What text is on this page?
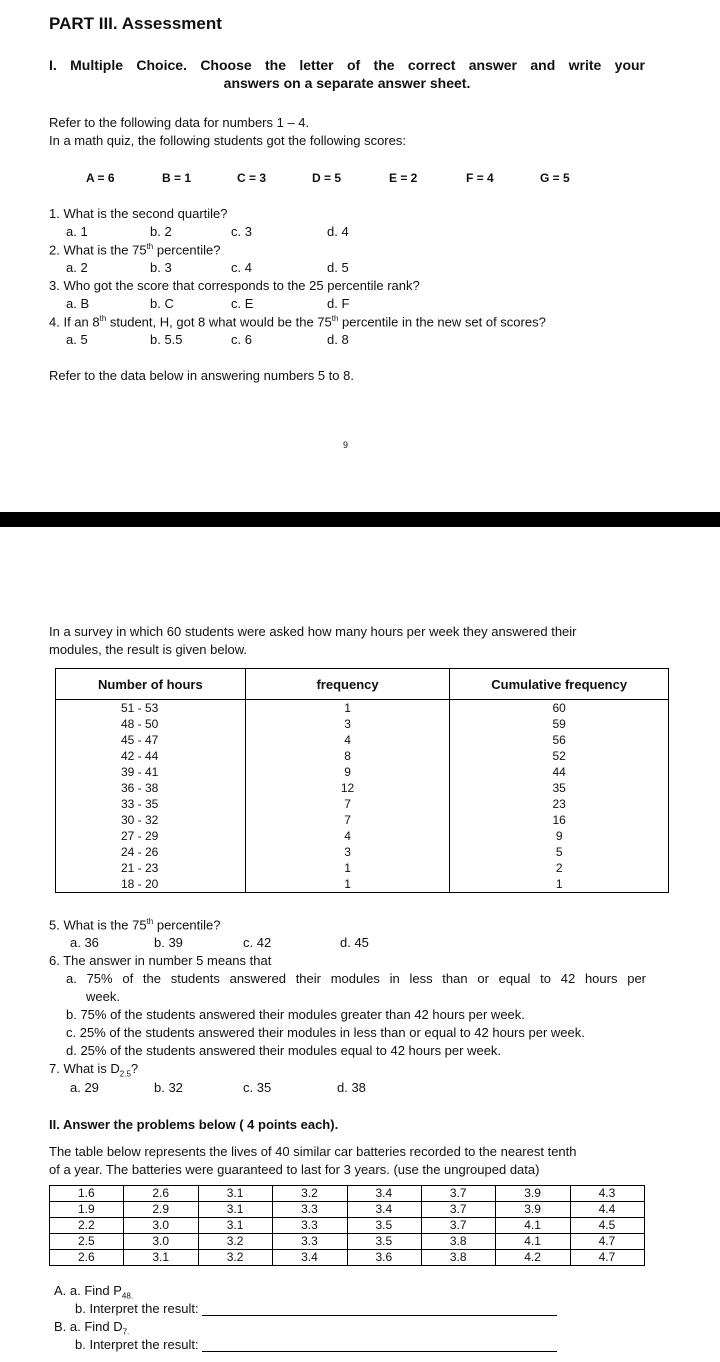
PART III. Assessment
I. Multiple Choice. Choose the letter of the correct answer and write your
answers on a separate answer sheet.
Refer to the following data for numbers 1 – 4.
In a math quiz, the following students got the following scores:
A = 6	B = 1	C = 3	D = 5	E = 2	F = 4	G = 5
1. What is the second quartile?
a. 1	b. 2	c. 3	d. 4
2. What is the 75th percentile?
a. 2	b. 3	c. 4	d. 5
3. Who got the score that corresponds to the 25 percentile rank?
a. B	b. C	c. E	d. F
4. If an 8th student, H, got 8 what would be the 75th percentile in the new set of scores?
a. 5	b. 5.5	c. 6	d. 8
Refer to the data below in answering numbers 5 to 8.
9
In a survey in which 60 students were asked how many hours per week they answered their
modules, the result is given below.
Number of hours	frequency	Cumulative frequency
51 - 53	1	60
48 - 50	3	59
45 - 47	4	56
42 - 44	8	52
39 - 41	9	44
36 - 38	12	35
33 - 35	7	23
30 - 32	7	16
27 - 29	4	9
24 - 26	3	5
21 - 23	1	2
18 - 20	1	1
5. What is the 75th percentile?
a. 36	b. 39	c. 42	d. 45
6. The answer in number 5 means that
a. 75% of the students answered their modules in less than or equal to 42 hours per
week.
b. 75% of the students answered their modules greater than 42 hours per week.
c. 25% of the students answered their modules in less than or equal to 42 hours per week.
d. 25% of the students answered their modules equal to 42 hours per week.
7. What is $D_{2.5}$?
a. 29	b. 32	c. 35	d. 38
II. Answer the problems below ( 4 points each).
The table below represents the lives of 40 similar car batteries recorded to the nearest tenth
of a year. The batteries were guaranteed to last for 3 years. (use the ungrouped data)
1.6	2.6	3.1	3.2	3.4	3.7	3.9	4.3
1.9	2.9	3.1	3.3	3.4	3.7	3.9	4.4
2.2	3.0	3.1	3.3	3.5	3.7	4.1	4.5
2.5	3.0	3.2	3.3	3.5	3.8	4.1	4.7
2.6	3.1	3.2	3.4	3.6	3.8	4.2	4.7
A. a. Find $P_{48.}$
b. Interpret the result:
B. a. Find $D_{7.}$
b. Interpret the result:
